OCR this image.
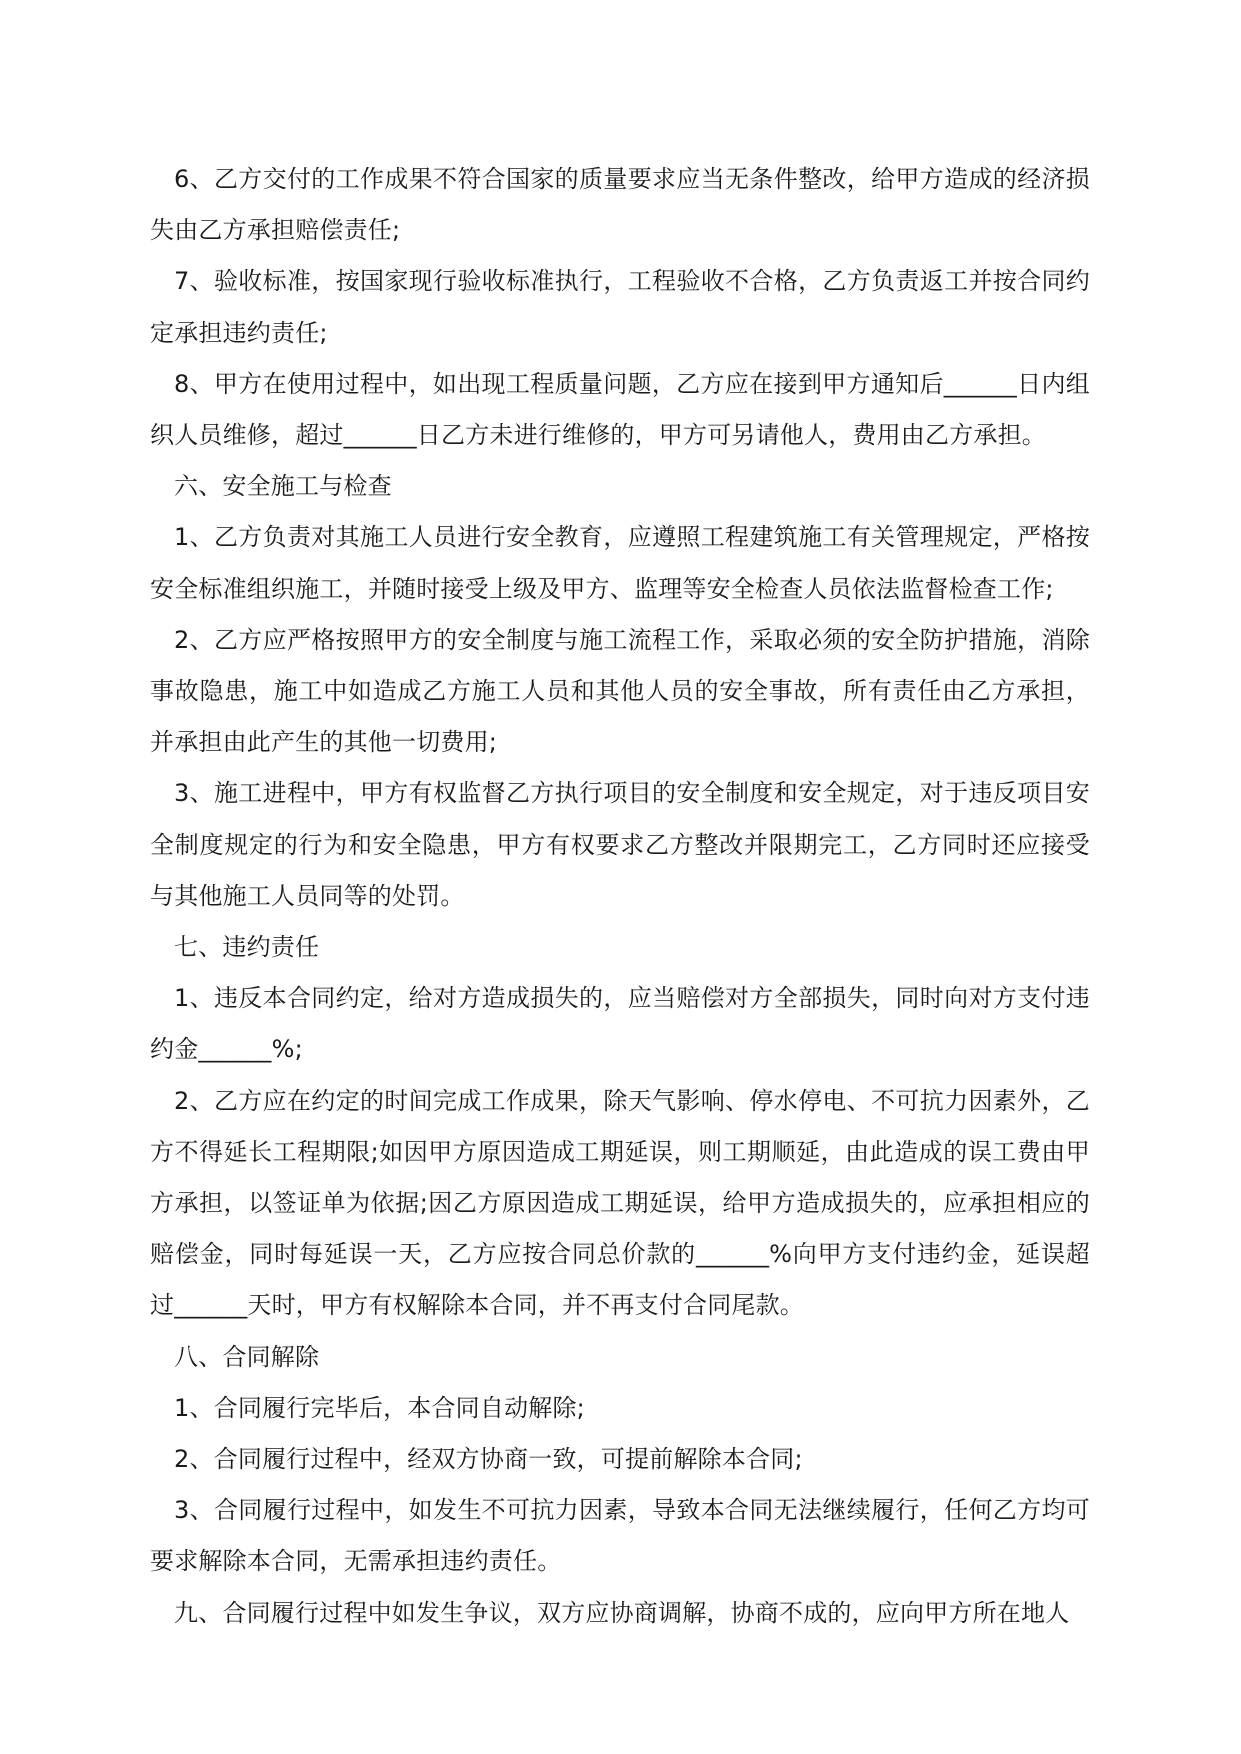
6、乙方交付的工作成果不符合国家的质量要求应当无条件整改，给甲方造成的经济损失由乙方承担赔偿责任;

7、验收标准，按国家现行验收标准执行，工程验收不合格，乙方负责返工并按合同约定承担违约责任;

8、甲方在使用过程中，如出现工程质量问题，乙方应在接到甲方通知后______日内组织人员维修，超过______日乙方未进行维修的，甲方可另请他人，费用由乙方承担。

六、安全施工与检查

1、乙方负责对其施工人员进行安全教育，应遵照工程建筑施工有关管理规定，严格按安全标准组织施工，并随时接受上级及甲方、监理等安全检查人员依法监督检查工作;

2、乙方应严格按照甲方的安全制度与施工流程工作，采取必须的安全防护措施，消除事故隐患，施工中如造成乙方施工人员和其他人员的安全事故，所有责任由乙方承担，并承担由此产生的其他一切费用;

3、施工进程中，甲方有权监督乙方执行项目的安全制度和安全规定，对于违反项目安全制度规定的行为和安全隐患，甲方有权要求乙方整改并限期完工，乙方同时还应接受与其他施工人员同等的处罚。

七、违约责任

1、违反本合同约定，给对方造成损失的，应当赔偿对方全部损失，同时向对方支付违约金______%;

2、乙方应在约定的时间完成工作成果，除天气影响、停水停电、不可抗力因素外，乙方不得延长工程期限;如因甲方原因造成工期延误，则工期顺延，由此造成的误工费由甲方承担，以签证单为依据;因乙方原因造成工期延误，给甲方造成损失的，应承担相应的赔偿金，同时每延误一天，乙方应按合同总价款的______%向甲方支付违约金，延误超过______天时，甲方有权解除本合同，并不再支付合同尾款。

八、合同解除

1、合同履行完毕后，本合同自动解除;

2、合同履行过程中，经双方协商一致，可提前解除本合同;

3、合同履行过程中，如发生不可抗力因素，导致本合同无法继续履行，任何乙方均可要求解除本合同，无需承担违约责任。

九、合同履行过程中如发生争议，双方应协商调解，协商不成的，应向甲方所在地人
